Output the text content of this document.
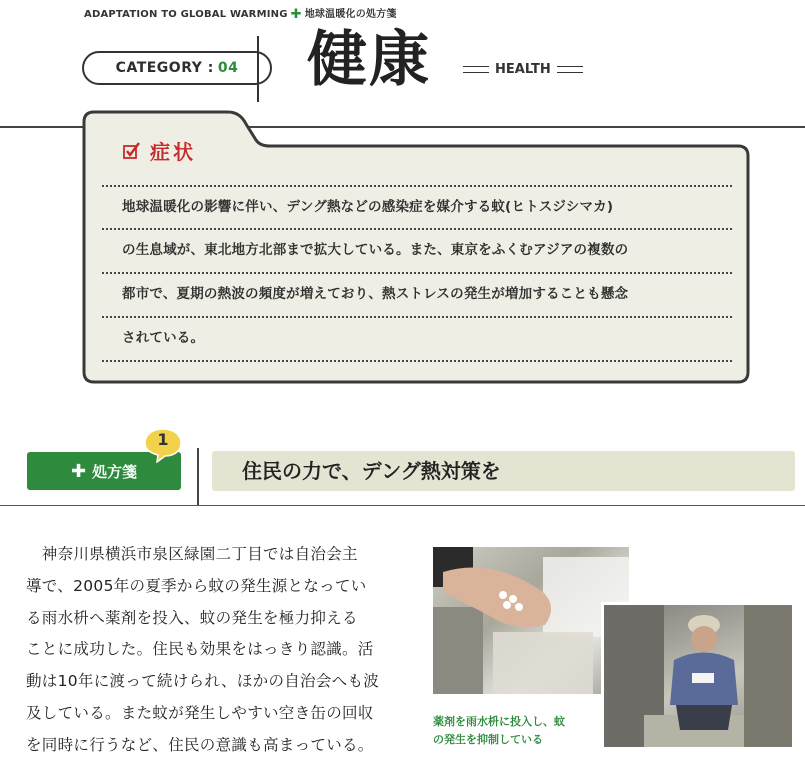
ADAPTATION TO GLOBAL WARMING ✚ 地球温暖化の処方箋
CATEGORY : 04 健康	HEALTH
症状
地球温暖化の影響に伴い、デング熱などの感染症を媒介する蚊(ヒトスジシマカ)
の生息域が、東北地方北部まで拡大している。また、東京をふくむアジアの複数の
都市で、夏期の熱波の頻度が増えており、熱ストレスの発生が増加することも懸念
されている。
✚ 処方箋
1
住民の力で、デング熱対策を

　神奈川県横浜市泉区緑園二丁目では自治会主

導で、2005年の夏季から蚊の発生源となってい

る雨水枡へ薬剤を投入、蚊の発生を極力抑える

ことに成功した。住民も効果をはっきり認識。活

動は10年に渡って続けられ、ほかの自治会へも波

及している。また蚊が発生しやすい空き缶の回収

を同時に行うなど、住民の意識も高まっている。

薬剤を雨水枡に投入し、蚊

の発生を抑制している
